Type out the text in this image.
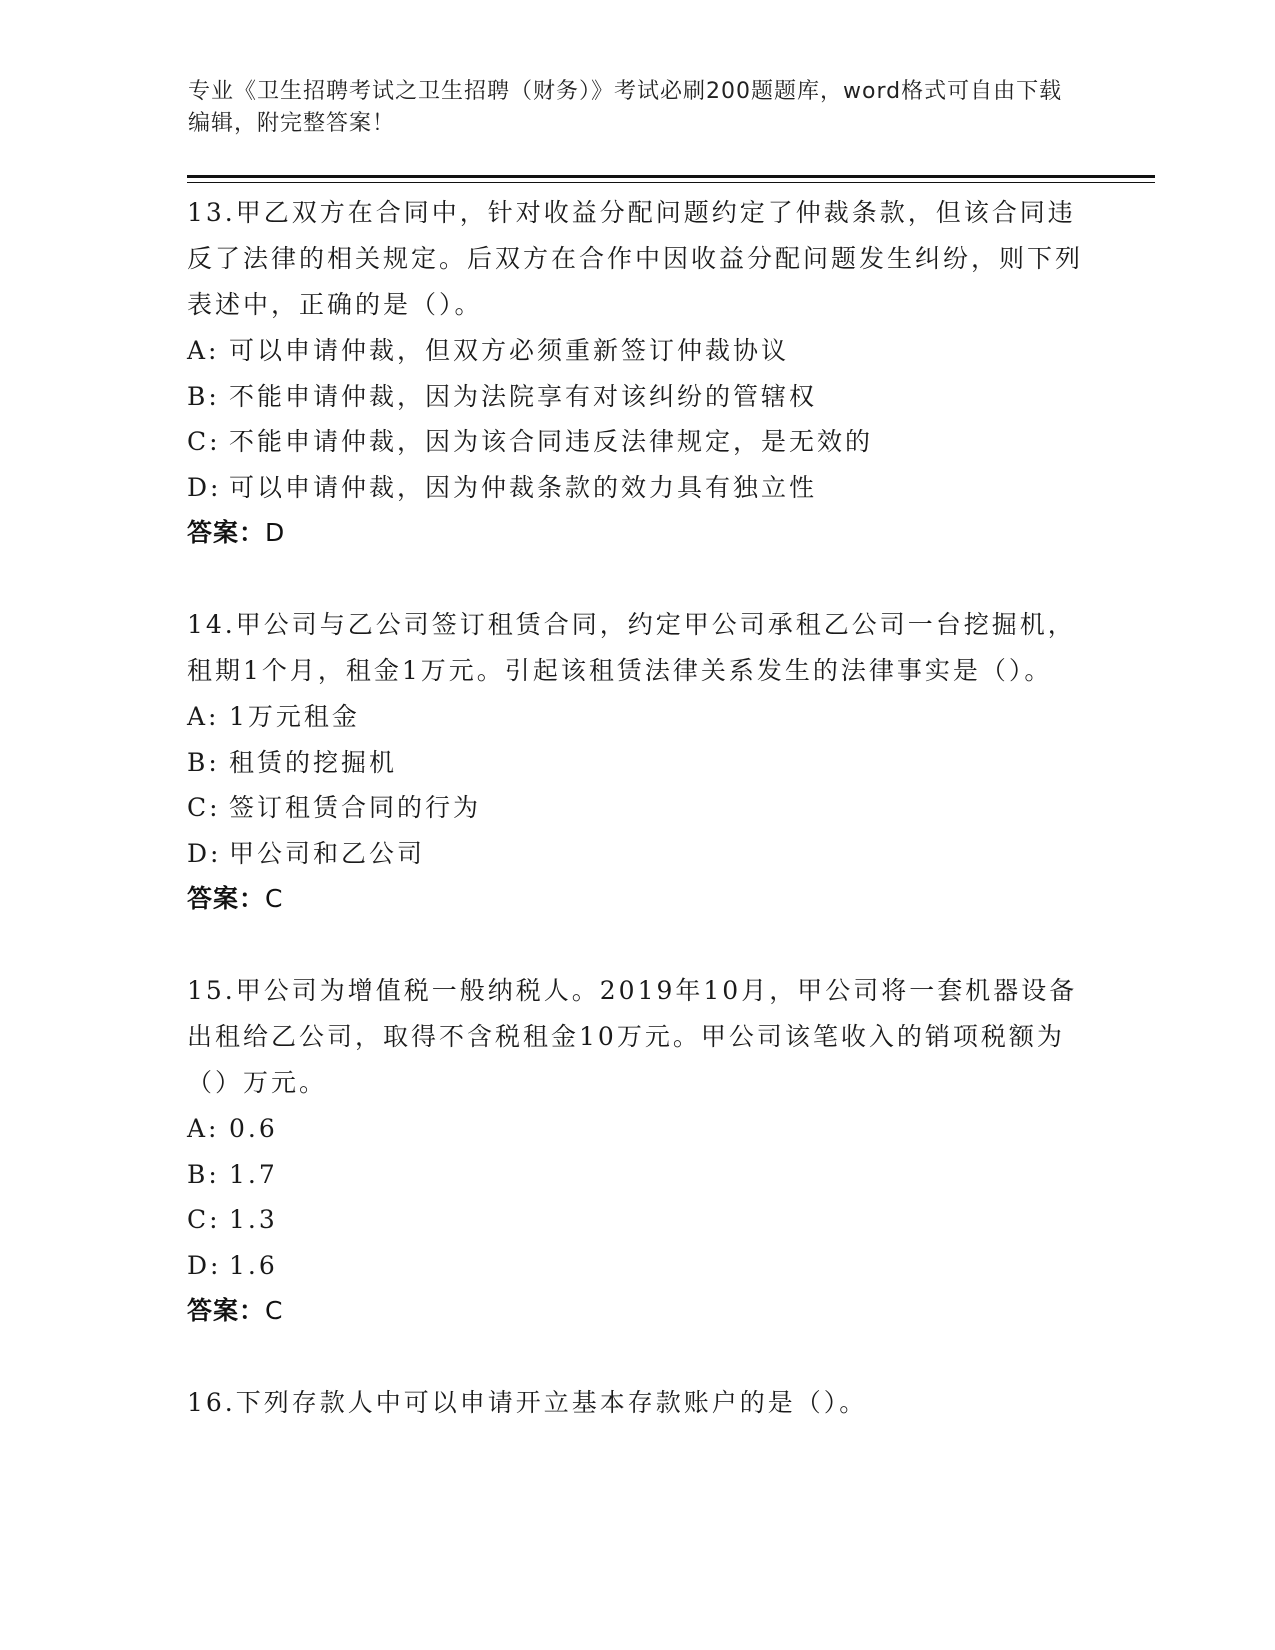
专业《卫生招聘考试之卫生招聘（财务）》考试必刷200题题库，word格式可自由下载编辑，附完整答案！

13.甲乙双方在合同中，针对收益分配问题约定了仲裁条款，但该合同违反了法律的相关规定。后双方在合作中因收益分配问题发生纠纷，则下列表述中，正确的是（）。

A: 可以申请仲裁，但双方必须重新签订仲裁协议
B: 不能申请仲裁，因为法院享有对该纠纷的管辖权
C: 不能申请仲裁，因为该合同违反法律规定，是无效的
D: 可以申请仲裁，因为仲裁条款的效力具有独立性
答案：D

14.甲公司与乙公司签订租赁合同，约定甲公司承租乙公司一台挖掘机，租期1个月，租金1万元。引起该租赁法律关系发生的法律事实是（）。

A: 1万元租金
B: 租赁的挖掘机
C: 签订租赁合同的行为
D: 甲公司和乙公司
答案：C

15.甲公司为增值税一般纳税人。2019年10月，甲公司将一套机器设备出租给乙公司，取得不含税租金10万元。甲公司该笔收入的销项税额为（）万元。

A: 0.6
B: 1.7
C: 1.3
D: 1.6
答案：C

16.下列存款人中可以申请开立基本存款账户的是（）。
